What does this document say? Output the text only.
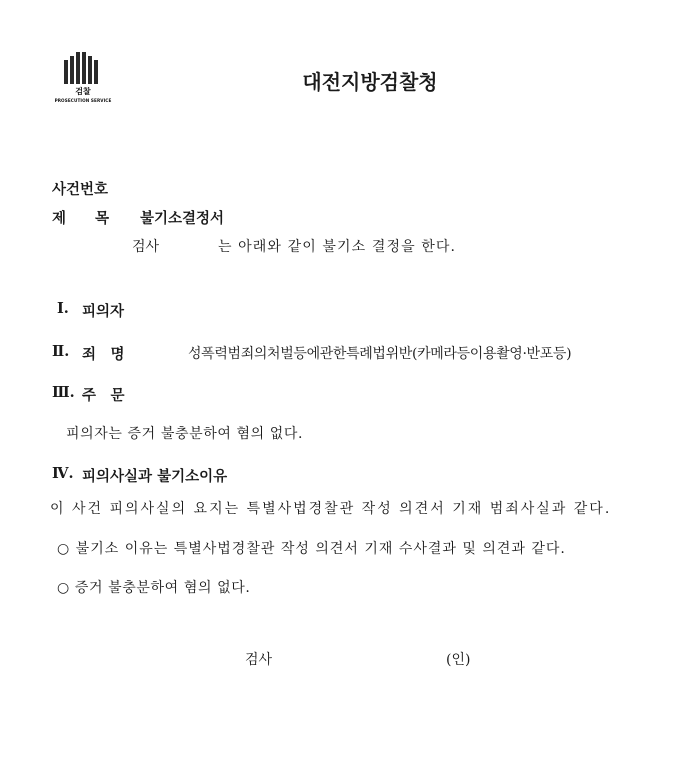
검찰
PROSECUTION SERVICE
대전지방검찰청
사건번호
제　　목 불기소결정서
검사	는 아래와 같이 불기소 결정을 한다.
Ⅰ. 피의자
Ⅱ. 죄　명	성폭력범죄의처벌등에관한특례법위반(카메라등이용촬영·반포등)
Ⅲ. 주　문
피의자는 증거 불충분하여 혐의 없다.
Ⅳ. 피의사실과 불기소이유
이 사건 피의사실의 요지는 특별사법경찰관 작성 의견서 기재 범죄사실과 같다.
○ 불기소 이유는 특별사법경찰관 작성 의견서 기재 수사결과 및 의견과 같다.
○ 증거 불충분하여 혐의 없다.
검사	(인)
